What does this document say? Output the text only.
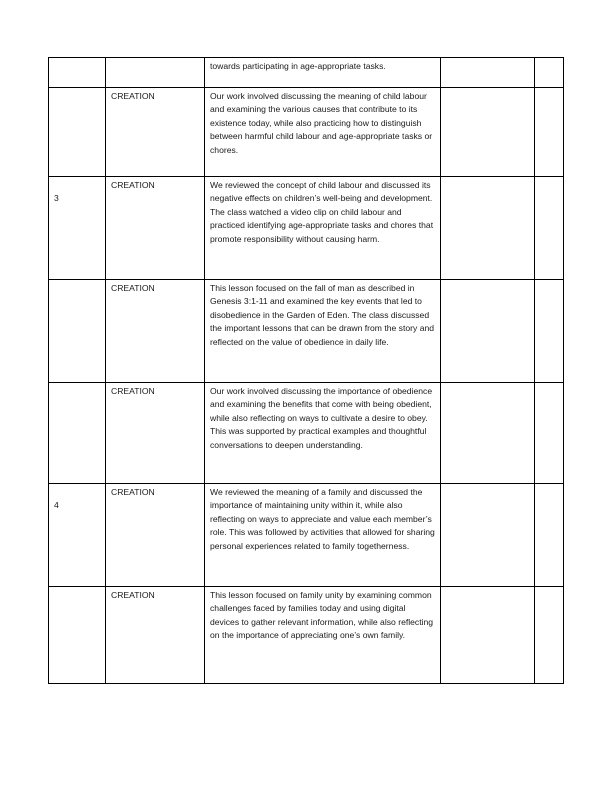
		towards participating in age-appropriate tasks.		
	CREATION	Our work involved discussing the meaning of child labour and examining the various causes that contribute to its existence today, while also practicing how to distinguish between harmful child labour and age-appropriate tasks or chores.		
3	CREATION	We reviewed the concept of child labour and discussed its negative effects on children’s well-being and development. The class watched a video clip on child labour and practiced identifying age-appropriate tasks and chores that promote responsibility without causing harm.		
	CREATION	This lesson focused on the fall of man as described in Genesis 3:1-11 and examined the key events that led to disobedience in the Garden of Eden. The class discussed the important lessons that can be drawn from the story and reflected on the value of obedience in daily life.		
	CREATION	Our work involved discussing the importance of obedience and examining the benefits that come with being obedient, while also reflecting on ways to cultivate a desire to obey. This was supported by practical examples and thoughtful conversations to deepen understanding.		
4	CREATION	We reviewed the meaning of a family and discussed the importance of maintaining unity within it, while also reflecting on ways to appreciate and value each member’s role. This was followed by activities that allowed for sharing personal experiences related to family togetherness.		
	CREATION	This lesson focused on family unity by examining common challenges faced by families today and using digital devices to gather relevant information, while also reflecting on the importance of appreciating one’s own family.		
